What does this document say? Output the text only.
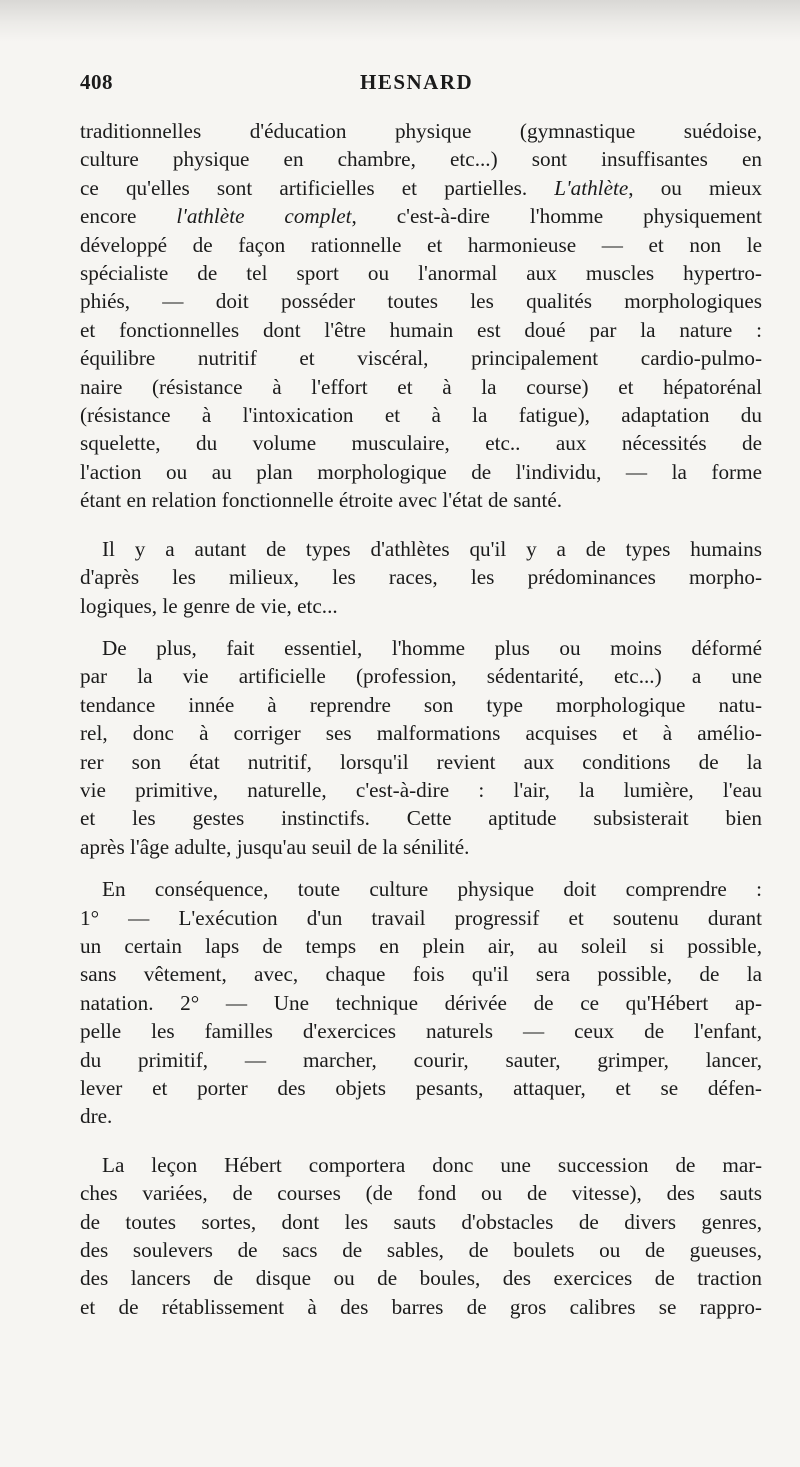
408	HESNARD
traditionnelles d'éducation physique (gymnastique suédoise,
culture physique en chambre, etc...) sont insuffisantes en
ce qu'elles sont artificielles et partielles. L'athlète, ou mieux
encore l'athlète complet, c'est-à-dire l'homme physiquement
développé de façon rationnelle et harmonieuse — et non le
spécialiste de tel sport ou l'anormal aux muscles hypertro-
phiés, — doit posséder toutes les qualités morphologiques
et fonctionnelles dont l'être humain est doué par la nature :
équilibre nutritif et viscéral, principalement cardio-pulmo-
naire (résistance à l'effort et à la course) et hépatorénal
(résistance à l'intoxication et à la fatigue), adaptation du
squelette, du volume musculaire, etc.. aux nécessités de
l'action ou au plan morphologique de l'individu, — la forme
étant en relation fonctionnelle étroite avec l'état de santé.
Il y a autant de types d'athlètes qu'il y a de types humains
d'après les milieux, les races, les prédominances morpho-
logiques, le genre de vie, etc...
De plus, fait essentiel, l'homme plus ou moins déformé
par la vie artificielle (profession, sédentarité, etc...) a une
tendance innée à reprendre son type morphologique natu-
rel, donc à corriger ses malformations acquises et à amélio-
rer son état nutritif, lorsqu'il revient aux conditions de la
vie primitive, naturelle, c'est-à-dire : l'air, la lumière, l'eau
et les gestes instinctifs. Cette aptitude subsisterait bien
après l'âge adulte, jusqu'au seuil de la sénilité.
En conséquence, toute culture physique doit comprendre :
1° — L'exécution d'un travail progressif et soutenu durant
un certain laps de temps en plein air, au soleil si possible,
sans vêtement, avec, chaque fois qu'il sera possible, de la
natation. 2° — Une technique dérivée de ce qu'Hébert ap-
pelle les familles d'exercices naturels — ceux de l'enfant,
du primitif, — marcher, courir, sauter, grimper, lancer,
lever et porter des objets pesants, attaquer, et se défen-
dre.
La leçon Hébert comportera donc une succession de mar-
ches variées, de courses (de fond ou de vitesse), des sauts
de toutes sortes, dont les sauts d'obstacles de divers genres,
des soulevers de sacs de sables, de boulets ou de gueuses,
des lancers de disque ou de boules, des exercices de traction
et de rétablissement à des barres de gros calibres se rappro-
